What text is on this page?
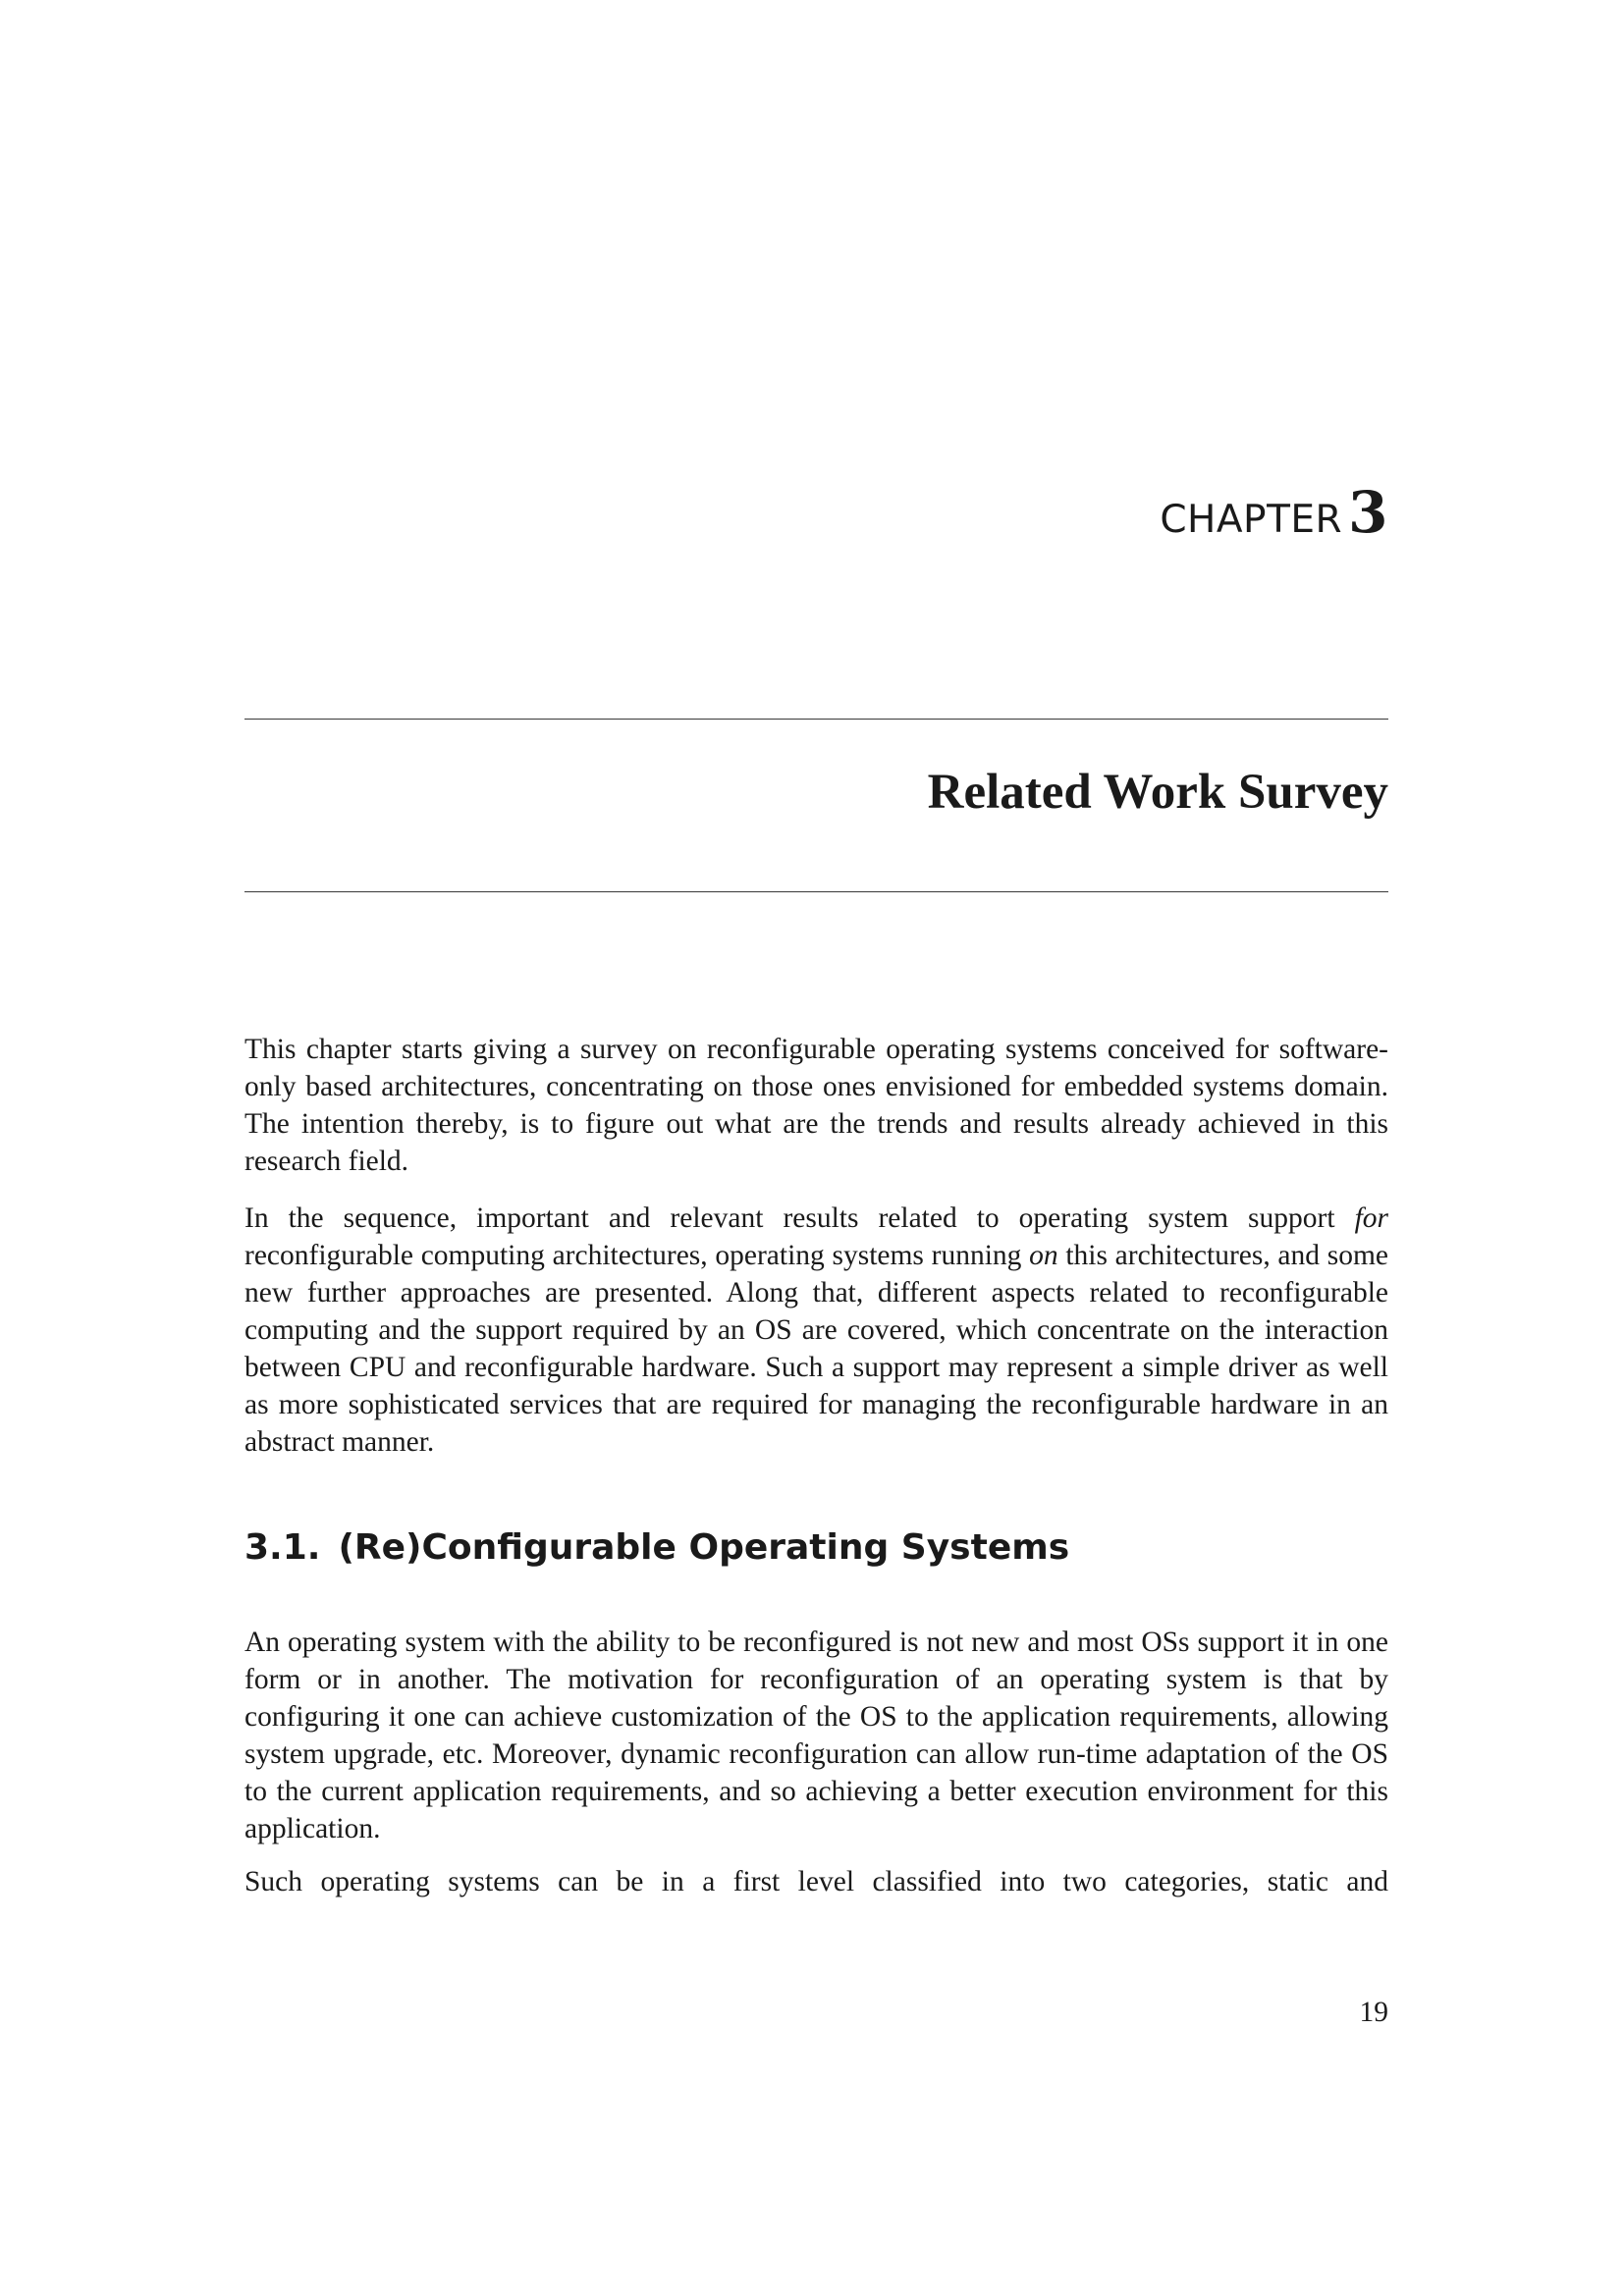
CHAPTER 3
Related Work Survey

This chapter starts giving a survey on reconfigurable operating systems conceived for software-only based architectures, concentrating on those ones envisioned for embedded systems domain. The intention thereby, is to figure out what are the trends and results already achieved in this research field.

In the sequence, important and relevant results related to operating system support for reconfigurable computing architectures, operating systems running on this architectures, and some new further approaches are presented. Along that, different aspects related to reconfigurable computing and the support required by an OS are covered, which concentrate on the interaction between CPU and reconfigurable hardware. Such a support may represent a simple driver as well as more sophisticated services that are required for managing the reconfigurable hardware in an abstract manner.

3.1. (Re)Configurable Operating Systems

An operating system with the ability to be reconfigured is not new and most OSs support it in one form or in another. The motivation for reconfiguration of an operating system is that by configuring it one can achieve customization of the OS to the application requirements, allowing system upgrade, etc. Moreover, dynamic reconfiguration can allow run-time adaptation of the OS to the current application requirements, and so achieving a better execution environment for this application.

Such operating systems can be in a first level classified into two categories, static and

19
